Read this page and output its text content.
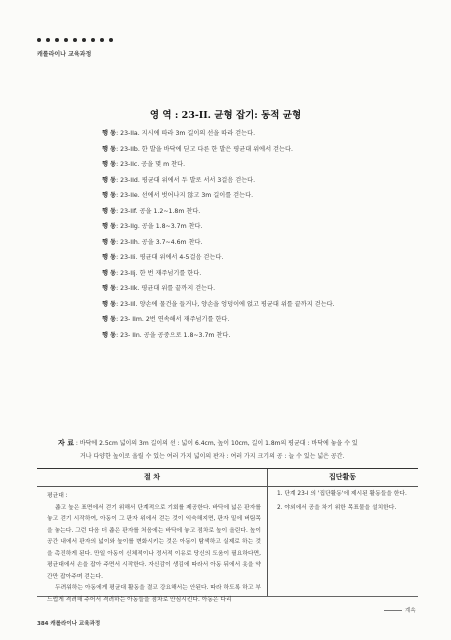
캐롤라이나 교육과정
영 역 : 23-II. 균형 잡기: 동적 균형
행 동: 23-IIa. 지시에 따라 3m 길이의 선을 따라 걷는다.
행 동: 23-IIb. 한 발을 바닥에 딛고 다른 한 발은 평균대 위에서 걷는다.
행 동: 23-IIc. 공을 몇 m 찬다.
행 동: 23-IId. 평균대 위에서 두 발로 서서 3걸음 걷는다.
행 동: 23-IIe. 선에서 벗어나지 않고 3m 길이를 걷는다.
행 동: 23-IIf. 공을 1.2~1.8m 찬다.
행 동: 23-IIg. 공을 1.8~3.7m 찬다.
행 동: 23-IIh. 공을 3.7~4.6m 찬다.
행 동: 23-IIi. 평균대 위에서 4-5걸음 걷는다.
행 동: 23-IIj. 한 번 재주넘기를 한다.
행 동: 23-IIk. 평균대 위를 끝까지 걷는다.
행 동: 23-IIl. 양손에 물건을 들거나, 양손을 엉덩이에 얹고 평균대 위를 끝까지 걷는다.
행 동: 23- IIm. 2번 연속해서 재주넘기를 한다.
행 동: 23- IIn. 공을 공중으로 1.8~3.7m 찬다.
자 료 : 바닥에 2.5cm 넓이의 3m 길이의 선 : 넓이 6.4cm, 높이 10cm, 길이 1.8m의 평균대 : 바닥에 놓을 수 있
거나 다양한 높이로 올릴 수 있는 여러 가지 넓이의 판자 : 여러 가지 크기의 공 : 늘 수 있는 넓은 공간.
절 차	집단활동

평균대 :

좁고 높은 표면에서 걷기 위해서 단계적으로 기회를 제공한다. 바닥에 넓은 판자를 놓고 걷기 시작하여, 아동이 그 판자 위에서 걷는 것이 익숙해지면, 판자 밑에 버팀목을 놓는다. 그런 다음 더 좁은 판자를 처음에는 바닥에 놓고 점차로 높이 올린다. 높이 공간 내에서 판자의 넓이와 높이를 변화시키는 것은 아동이 탐색하고 실제로 하는 것을 촉진하게 된다. 만일 아동이 신체적이나 정서적 이유로 당신의 도움이 필요하다면, 평균대에서 손을 잡아 주면서 시작한다. 자신감이 생김에 따라서 아동 뒤에서 옷을 약간만 잡아주며 걷는다.

두려워하는 아동에게 평균대 활동을 결코 강요해서는 안된다. 따라 하도록 하고 부드럽게 격려해 주어서 격려하는 아동들을 점차로 안심시킨다. 아동은 다리

1. 단계 23-I 의 '집단활동'에 제시된 활동들을 한다.
2. 야외에서 공을 차기 위한 목표물을 설치한다.
계속
384 캐롤라이나 교육과정
